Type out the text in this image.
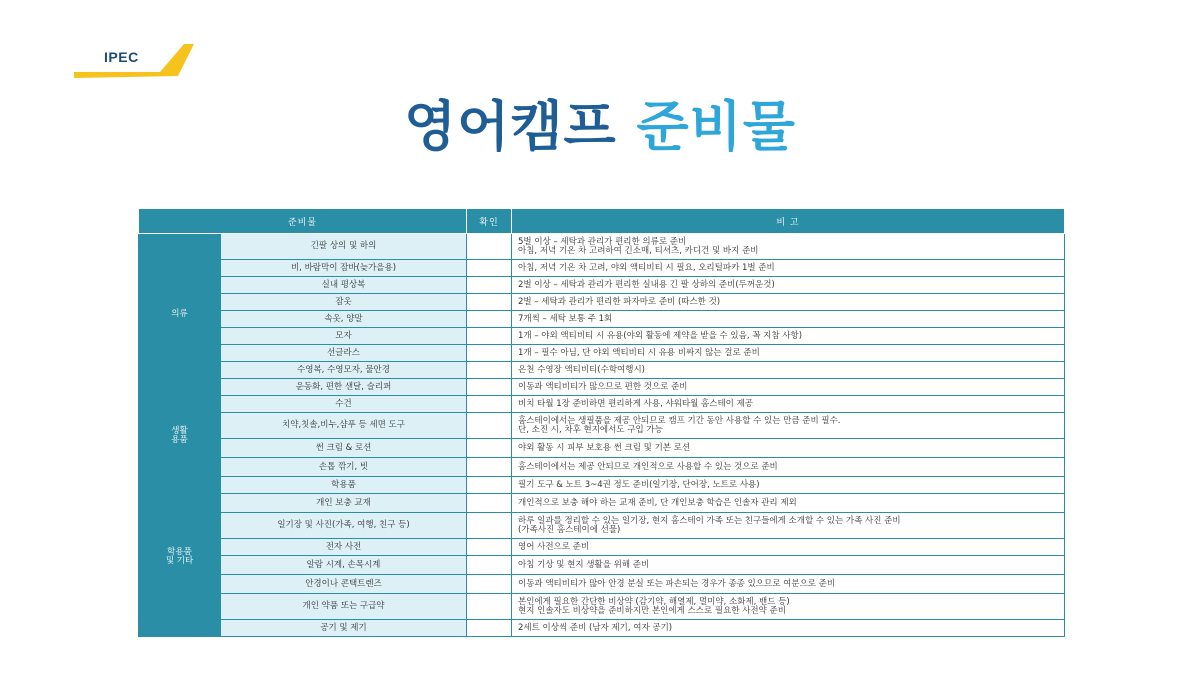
IPEC
영어캠프 준비물
준비물		확인	비 고
의류	긴팔 상의 및 하의		5벌 이상 – 세탁과 관리가 편리한 의류로 준비
아침, 저녁 기온 차 고려하여 긴소매, 티셔츠, 카디건 및 바지 준비

	비, 바람막이 잠바(늦가을용)		아침, 저녁 기온 차 고려, 야외 액티비티 시 필요, 오리털파카 1벌 준비
	실내 평상복		2벌 이상 – 세탁과 관리가 편리한 실내용 긴 팔 상하의 준비(두꺼운것)
	잠옷		2벌 – 세탁과 관리가 편리한 파자마로 준비 (따스한 것)
	속옷, 양말		7개씩 – 세탁 보통 주 1회
	모자		1개 – 야외 액티비티 시 유용(야외 활동에 제약을 받을 수 있음, 꼭 지참 사항)
	선글라스		1개 – 필수 아님, 단 야외 액티비티 시 유용 비싸지 않는 걸로 준비
	수영복, 수영모자, 물안경		온천 수영장 액티비티(수학여행시)
	운동화, 편한 샌달, 슬리퍼		이동과 액티비티가 많으므로 편한 것으로 준비

생활
용품	수건		비치 타월 1장 준비하면 편리하게 사용, 샤워타월 홈스테이 제공
	치약,칫솔,비누,샴푸 등 세면 도구		홈스테이에서는 생필품을 제공 안되므로 캠프 기간 동안 사용할 수 있는 만큼 준비 필수.
단, 소진 시, 차후 현지에서도 구입 가능

	썬 크림 & 로션		야외 활동 시 피부 보호용 썬 크림 및 기본 로션
	손톱 깎기, 빗		홈스테이에서는 제공 안되므로 개인적으로 사용할 수 있는 것으로 준비

학용품
및 기타	학용품		필기 도구 & 노트 3~4권 정도 준비(일기장, 단어장, 노트로 사용)
	개인 보충 교재		개인적으로 보충 해야 하는 교재 준비, 단 개인보충 학습은 인솔자 관리 제외
	일기장 및 사진(가족, 여행, 친구 등)		하루 일과를 정리할 수 있는 일기장, 현지 홈스테이 가족 또는 친구들에게 소개할 수 있는 가족 사진 준비
(가족사진 홈스테이에 선물)

	전자 사전		영어 사전으로 준비
	알람 시계, 손목시계		아침 기상 및 현지 생활을 위해 준비
	안경이나 콘택트렌즈		이동과 액티비티가 많아 안경 분실 또는 파손되는 경우가 종종 있으므로 여분으로 준비
	개인 약품 또는 구급약		본인에게 필요한 간단한 비상약 (감기약, 해열제, 멀미약, 소화제, 밴드 등)
현지 인솔자도 비상약을 준비하지만 본인에게 스스로 필요한 사전약 준비

	공기 및 제기		2세트 이상씩 준비 (남자 제기, 여자 공기)
